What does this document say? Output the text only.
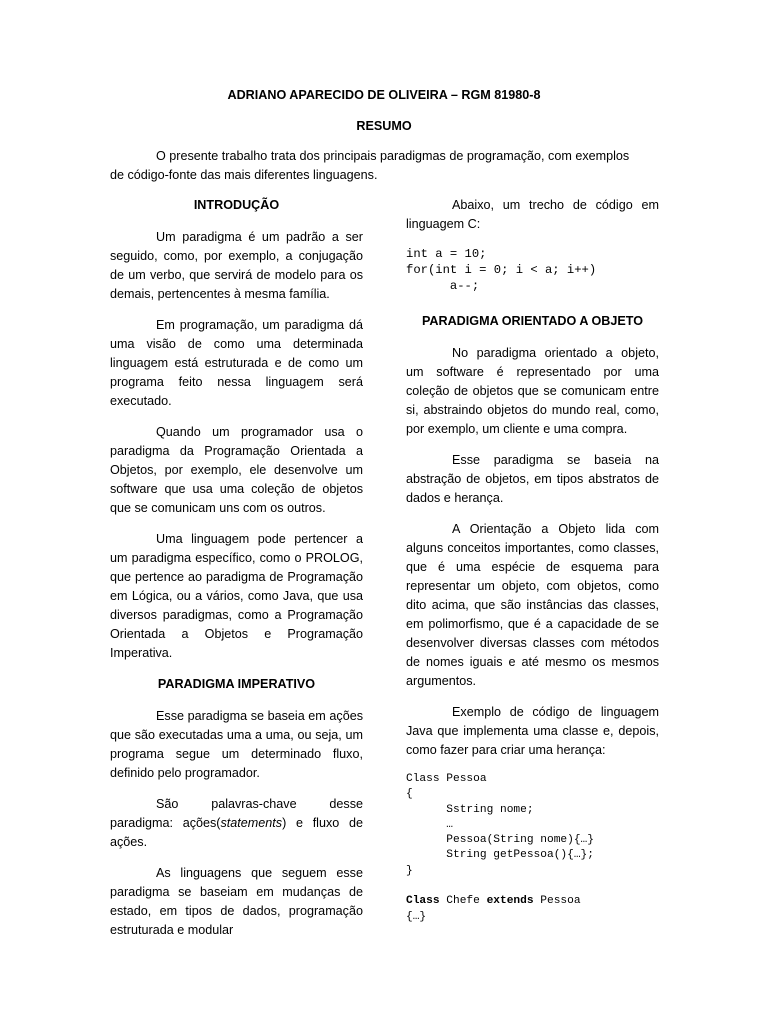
ADRIANO APARECIDO DE OLIVEIRA – RGM 81980-8
RESUMO
O presente trabalho trata dos principais paradigmas de programação, com exemplos de código-fonte das mais diferentes linguagens.
INTRODUÇÃO
Um paradigma é um padrão a ser seguido, como, por exemplo, a conjugação de um verbo, que servirá de modelo para os demais, pertencentes à mesma família.
Em programação, um paradigma dá uma visão de como uma determinada linguagem está estruturada e de como um programa feito nessa linguagem será executado.
Quando um programador usa o paradigma da Programação Orientada a Objetos, por exemplo, ele desenvolve um software que usa uma coleção de objetos que se comunicam uns com os outros.
Uma linguagem pode pertencer a um paradigma específico, como o PROLOG, que pertence ao paradigma de Programação em Lógica, ou a vários, como Java, que usa diversos paradigmas, como a Programação Orientada a Objetos e Programação Imperativa.
PARADIGMA IMPERATIVO
Esse paradigma se baseia em ações que são executadas uma a uma, ou seja, um programa segue um determinado fluxo, definido pelo programador.
São palavras-chave desse paradigma: ações(statements) e fluxo de ações.
As linguagens que seguem esse paradigma se baseiam em mudanças de estado, em tipos de dados, programação estruturada e modular
Abaixo, um trecho de código em linguagem C:
int a = 10;
for(int i = 0; i < a; i++)
a--;
PARADIGMA ORIENTADO A OBJETO
No paradigma orientado a objeto, um software é representado por uma coleção de objetos que se comunicam entre si, abstraindo objetos do mundo real, como, por exemplo, um cliente e uma compra.
Esse paradigma se baseia na abstração de objetos, em tipos abstratos de dados e herança.
A Orientação a Objeto lida com alguns conceitos importantes, como classes, que é uma espécie de esquema para representar um objeto, com objetos, como dito acima, que são instâncias das classes, em polimorfismo, que é a capacidade de se desenvolver diversas classes com métodos de nomes iguais e até mesmo os mesmos argumentos.
Exemplo de código de linguagem Java que implementa uma classe e, depois, como fazer para criar uma herança:
Class Pessoa
{
Sstring nome;
…
Pessoa(String nome){…}
String getPessoa(){…};
}

Class Chefe extends Pessoa
{…}
